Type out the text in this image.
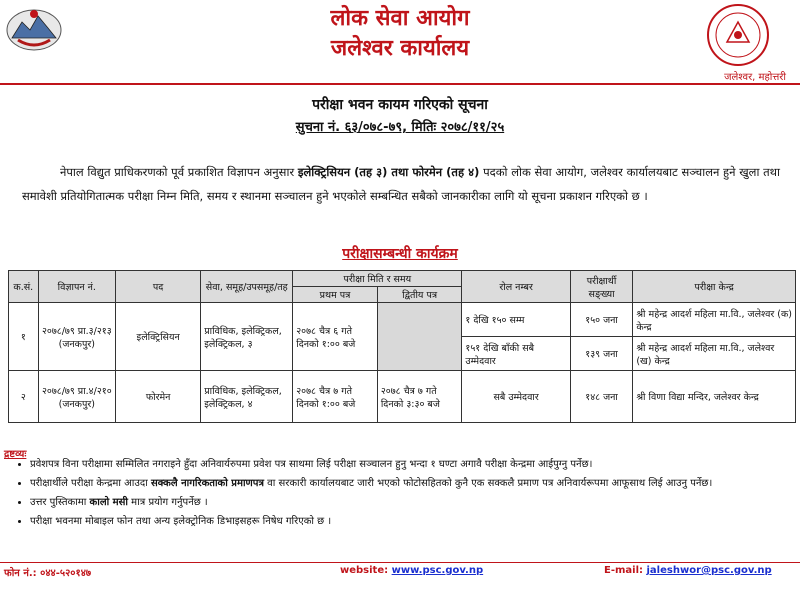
लोक सेवा आयोग
जलेश्वर कार्यालय
जलेश्वर, महोत्तरी
परीक्षा भवन कायम गरिएको सूचना
सुचना नं. ६३/०७८-७९, मितिः २०७८/११/२५
नेपाल विद्युत प्राधिकरणको पूर्व प्रकाशित विज्ञापन अनुसार इलेक्ट्रिसियन (तह ३) तथा फोरमेन (तह ४) पदको लोक सेवा आयोग, जलेश्वर कार्यालयबाट सञ्चालन हुने खुला तथा समावेशी प्रतियोगितात्मक परीक्षा निम्न मिति, समय र स्थानमा सञ्चालन हुने भएकोले सम्बन्धित सबैको जानकारीका लागि यो सूचना प्रकाशन गरिएको छ ।
परीक्षासम्बन्धी कार्यक्रम
क.सं.	विज्ञापन नं.	पद	सेवा, समूह/उपसमूह/तह	परीक्षा मिति र समय		रोल नम्बर	परीक्षार्थी सङ्ख्या	परीक्षा केन्द्र
				प्रथम पत्र	द्वितीय पत्र			
१	२०७८/७९ प्रा.३/२१३ (जनकपुर)	इलेक्ट्रिसियन	प्राविधिक, इलेक्ट्रिकल, इलेक्ट्रिकल, ३	२०७८ चैत्र ६ गते दिनको १:०० बजे		१ देखि १५० सम्म	१५० जना	श्री महेन्द्र आदर्श महिला मा.वि., जलेश्वर (क) केन्द्र
						१५१ देखि बाँकी सबै उम्मेदवार	१३९ जना	श्री महेन्द्र आदर्श महिला मा.वि., जलेश्वर (ख) केन्द्र
२	२०७८/७९ प्रा.४/२१० (जनकपुर)	फोरमेन	प्राविधिक, इलेक्ट्रिकल, इलेक्ट्रिकल, ४	२०७८ चैत्र ७ गते दिनको १:०० बजे	२०७८ चैत्र ७ गते दिनको ३:३० बजे	सबै उम्मेदवार	१४८ जना	श्री विणा विद्या मन्दिर, जलेश्वर केन्द्र
द्रष्टव्यः
• प्रवेशपत्र विना परीक्षामा सम्मिलित नगराइने हुँदा अनिवार्यरुपमा प्रवेश पत्र साथमा लिई परीक्षा सञ्चालन हुनु भन्दा १ घण्टा अगावै परीक्षा केन्द्रमा आईपुग्नु पर्नेछ।
• परीक्षार्थीले परीक्षा केन्द्रमा आउदा सक्कलै नागरिकताको प्रमाणपत्र वा सरकारी कार्यालयबाट जारी भएको फोटोसहितको कुनै एक सक्कलै प्रमाण पत्र अनिवार्यरूपमा आफूसाथ लिई आउनु पर्नेछ।
• उत्तर पुस्तिकामा कालो मसी मात्र प्रयोग गर्नुपर्नेछ ।
• परीक्षा भवनमा मोबाइल फोन तथा अन्य इलेक्ट्रोनिक डिभाइसहरू निषेध गरिएको छ ।
फोन नं.: ०४४-५२०१४७	website: www.psc.gov.np	E-mail: jaleshwor@psc.gov.np
